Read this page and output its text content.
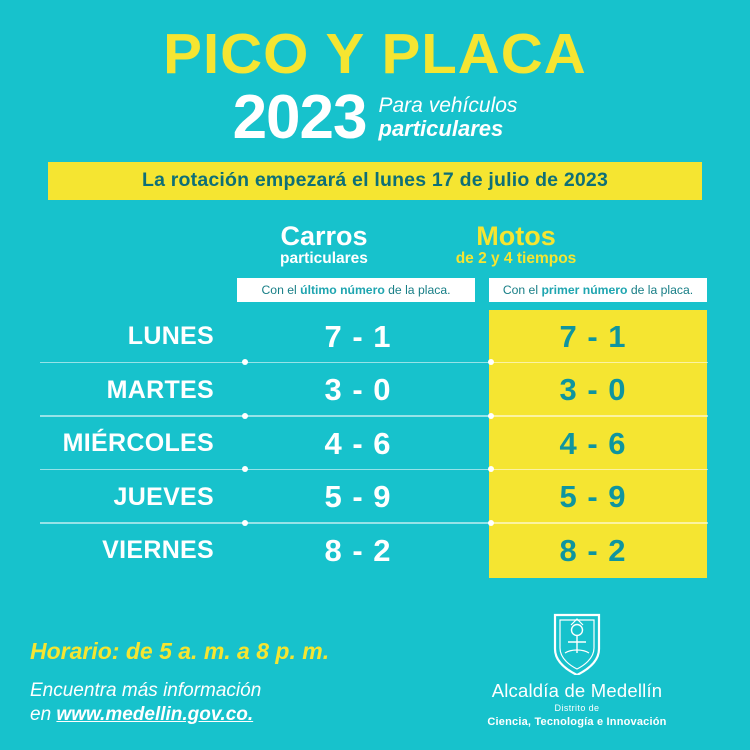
PICO Y PLACA
2023 Para vehículos
particulares
La rotación empezará el lunes 17 de julio de 2023
Carros
particulares
Motos
de 2 y 4 tiempos
Con el último número de la placa.	Con el primer número de la placa.
LUNES	7 - 1	7 - 1
MARTES	3 - 0	3 - 0
MIÉRCOLES	4 - 6	4 - 6
JUEVES	5 - 9	5 - 9
VIERNES	8 - 2	8 - 2
Horario: de 5 a. m. a 8 p. m.
Encuentra más información
en www.medellin.gov.co.
Alcaldía de Medellín
Distrito de
Ciencia, Tecnología e Innovación
